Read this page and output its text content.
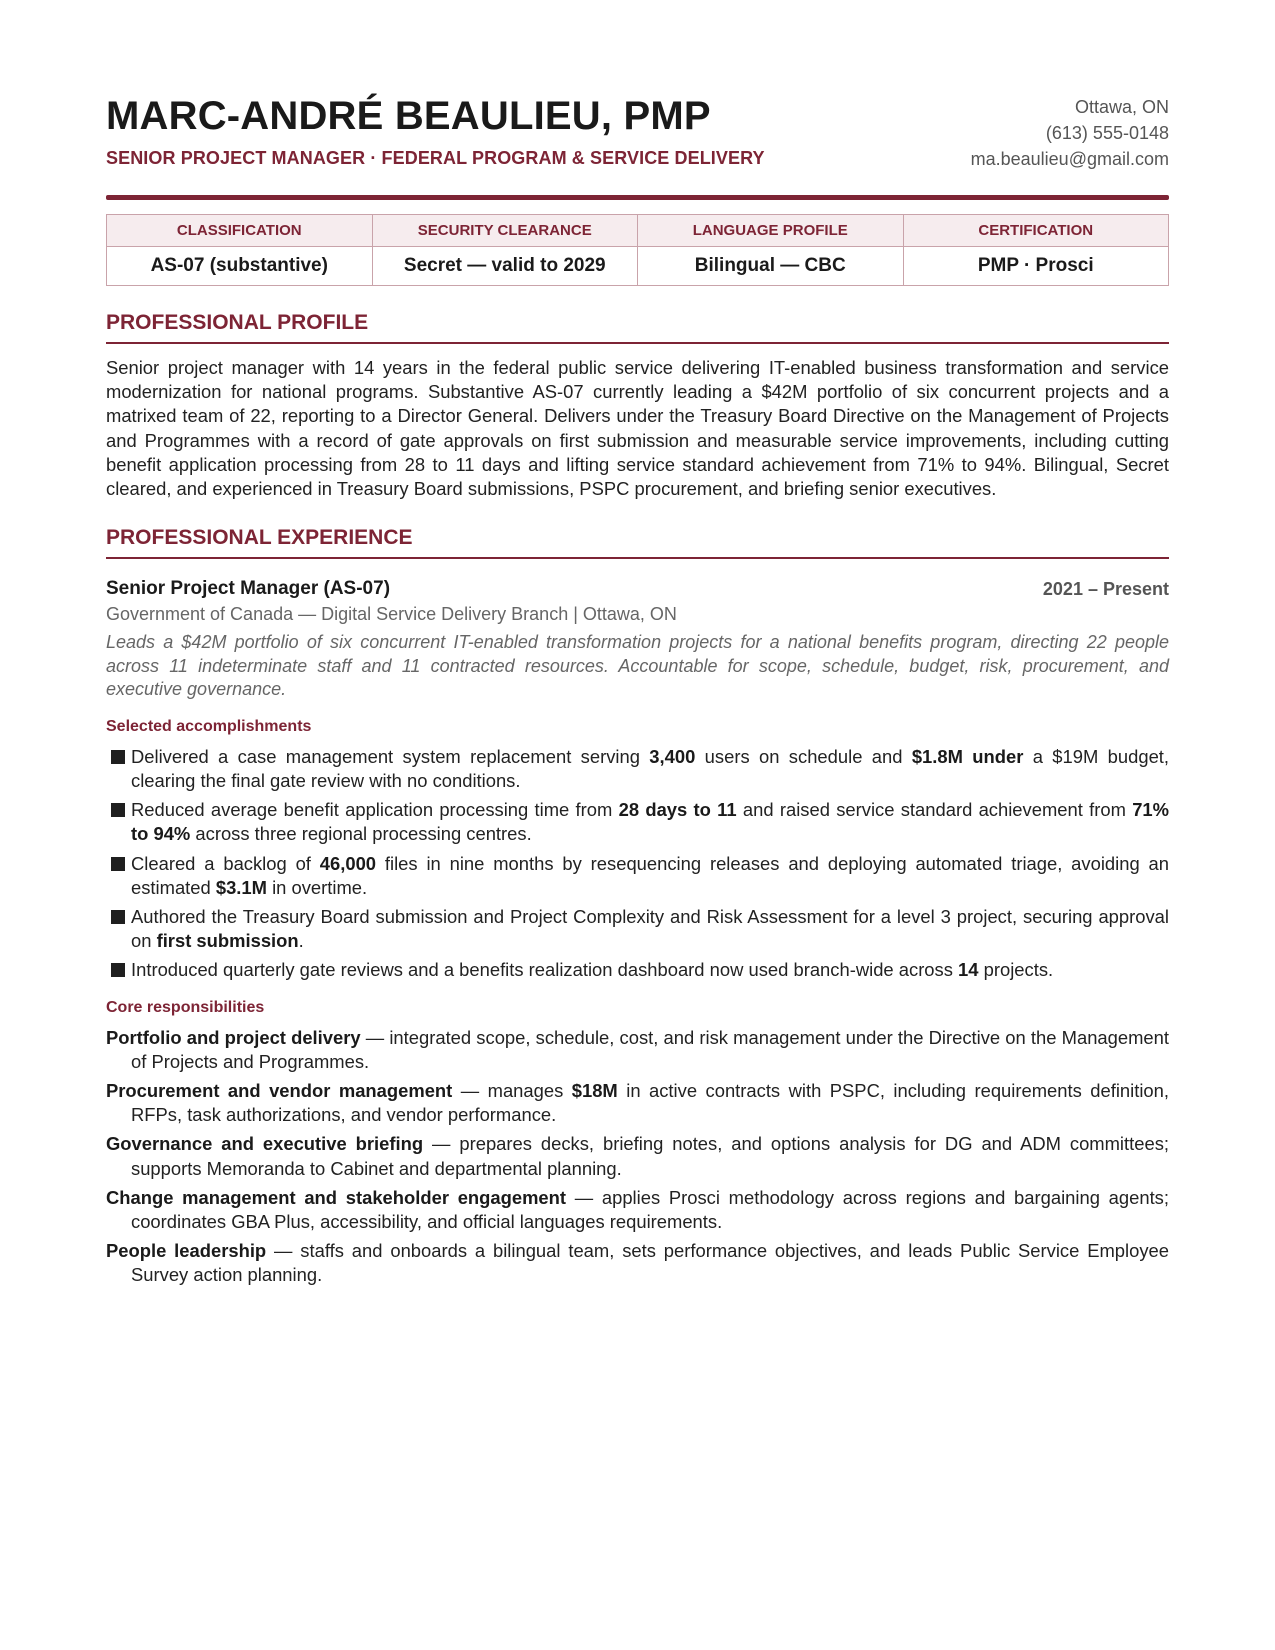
MARC-ANDRÉ BEAULIEU, PMP
SENIOR PROJECT MANAGER · FEDERAL PROGRAM & SERVICE DELIVERY
Ottawa, ON
(613) 555-0148
ma.beaulieu@gmail.com
CLASSIFICATION	SECURITY CLEARANCE	LANGUAGE PROFILE	CERTIFICATION
AS-07 (substantive)	Secret — valid to 2029	Bilingual — CBC	PMP · Prosci
PROFESSIONAL PROFILE
Senior project manager with 14 years in the federal public service delivering IT-enabled business transformation and service modernization for national programs. Substantive AS-07 currently leading a $42M portfolio of six concurrent projects and a matrixed team of 22, reporting to a Director General. Delivers under the Treasury Board Directive on the Management of Projects and Programmes with a record of gate approvals on first submission and measurable service improvements, including cutting benefit application processing from 28 to 11 days and lifting service standard achievement from 71% to 94%. Bilingual, Secret cleared, and experienced in Treasury Board submissions, PSPC procurement, and briefing senior executives.
PROFESSIONAL EXPERIENCE
Senior Project Manager (AS-07)	2021 – Present
Government of Canada — Digital Service Delivery Branch | Ottawa, ON
Leads a $42M portfolio of six concurrent IT-enabled transformation projects for a national benefits program, directing 22 people across 11 indeterminate staff and 11 contracted resources. Accountable for scope, schedule, budget, risk, procurement, and executive governance.
Selected accomplishments
Delivered a case management system replacement serving 3,400 users on schedule and $1.8M under a $19M budget, clearing the final gate review with no conditions.
Reduced average benefit application processing time from 28 days to 11 and raised service standard achievement from 71% to 94% across three regional processing centres.
Cleared a backlog of 46,000 files in nine months by resequencing releases and deploying automated triage, avoiding an estimated $3.1M in overtime.
Authored the Treasury Board submission and Project Complexity and Risk Assessment for a level 3 project, securing approval on first submission.
Introduced quarterly gate reviews and a benefits realization dashboard now used branch-wide across 14 projects.
Core responsibilities
Portfolio and project delivery — integrated scope, schedule, cost, and risk management under the Directive on the Management of Projects and Programmes.
Procurement and vendor management — manages $18M in active contracts with PSPC, including requirements definition, RFPs, task authorizations, and vendor performance.
Governance and executive briefing — prepares decks, briefing notes, and options analysis for DG and ADM committees; supports Memoranda to Cabinet and departmental planning.
Change management and stakeholder engagement — applies Prosci methodology across regions and bargaining agents; coordinates GBA Plus, accessibility, and official languages requirements.
People leadership — staffs and onboards a bilingual team, sets performance objectives, and leads Public Service Employee Survey action planning.
